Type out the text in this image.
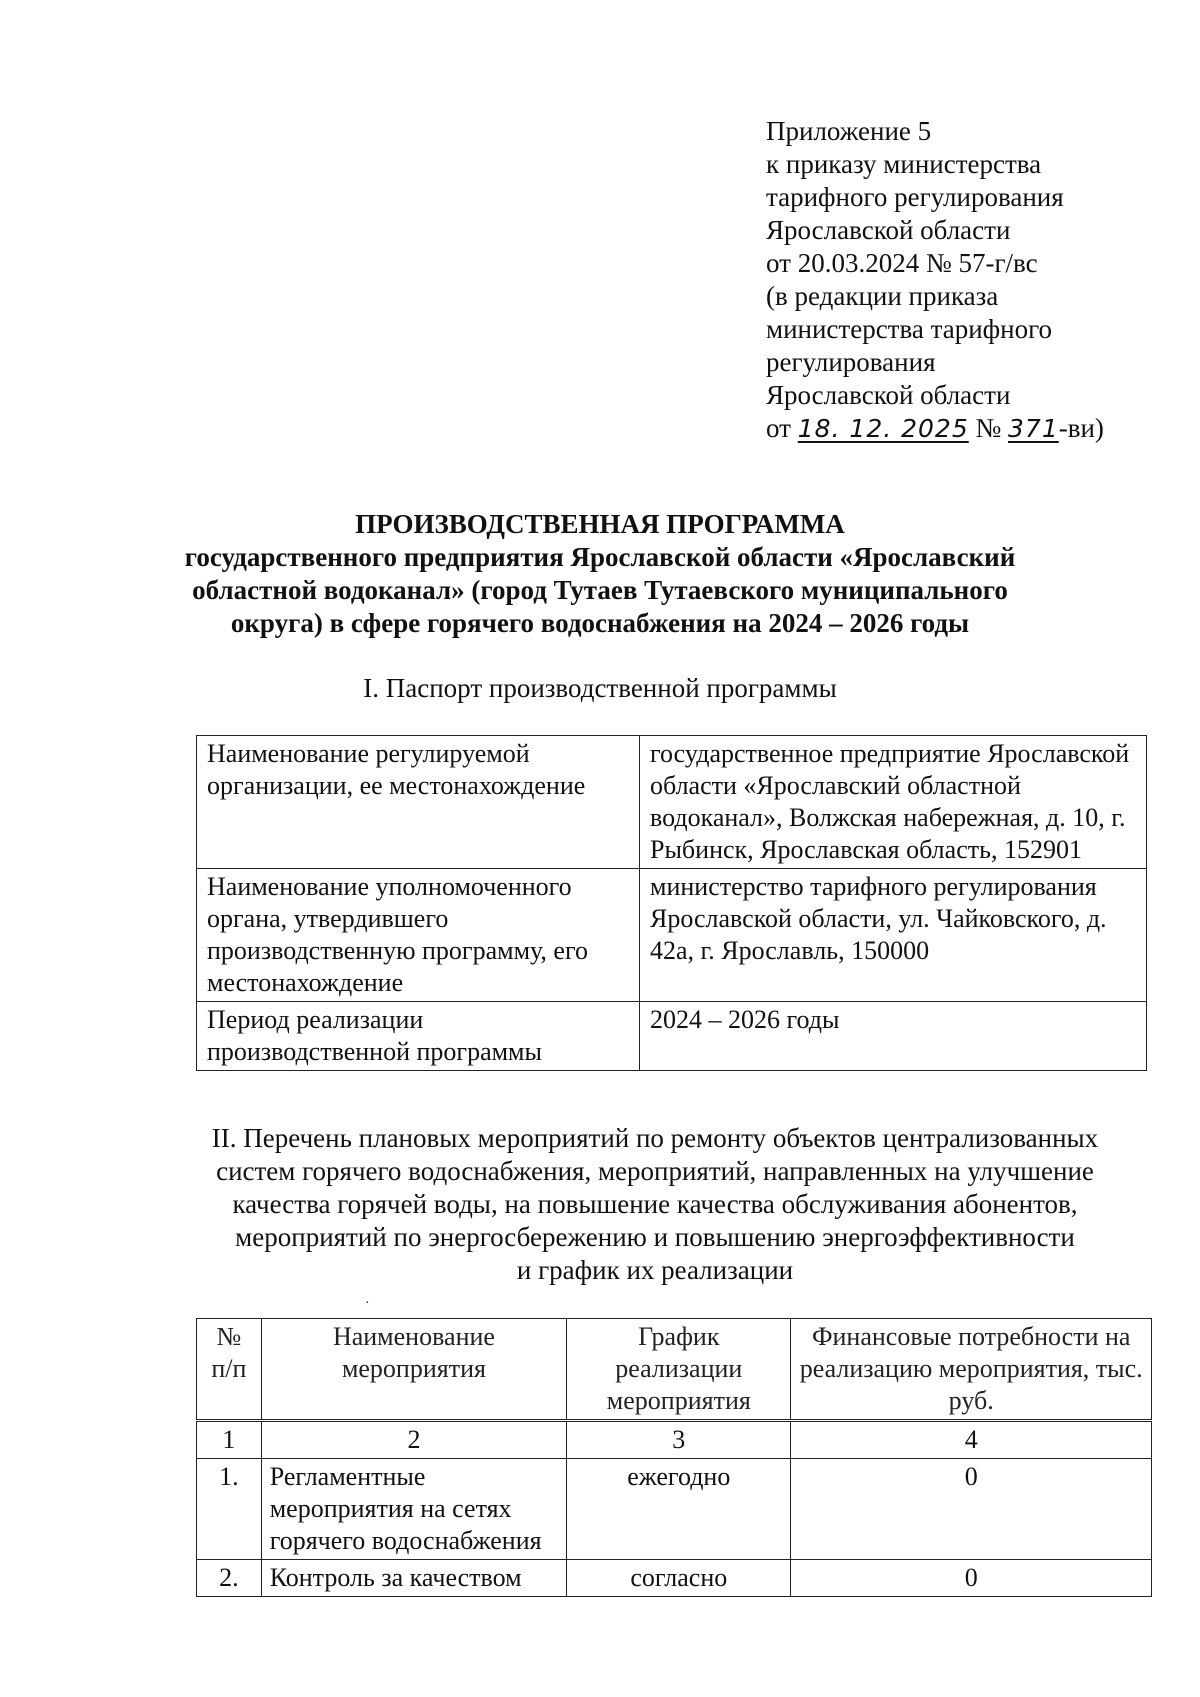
Приложение 5
к приказу министерства
тарифного регулирования
Ярославской области
от 20.03.2024 № 57-г/вс
(в редакции приказа
министерства тарифного
регулирования
Ярославской области
от 18. 12. 2025 № 371-ви)
ПРОИЗВОДСТВЕННАЯ ПРОГРАММА
государственного предприятия Ярославской области «Ярославский
областной водоканал» (город Тутаев Тутаевского муниципального
округа) в сфере горячего водоснабжения на 2024 – 2026 годы
I. Паспорт производственной программы
Наименование регулируемой организации, ее местонахождение	государственное предприятие Ярославской области «Ярославский областной водоканал», Волжская набережная, д. 10, г. Рыбинск, Ярославская область, 152901
Наименование уполномоченного органа, утвердившего производственную программу, его местонахождение	министерство тарифного регулирования Ярославской области, ул. Чайковского, д. 42а, г. Ярославль, 150000
Период реализации производственной программы	2024 – 2026 годы
II. Перечень плановых мероприятий по ремонту объектов централизованных
систем горячего водоснабжения, мероприятий, направленных на улучшение
качества горячей воды, на повышение качества обслуживания абонентов,
мероприятий по энергосбережению и повышению энергоэффективности
и график их реализации
·
№ п/п	Наименование мероприятия	График реализации мероприятия	Финансовые потребности на реализацию мероприятия, тыс. руб.
1	2	3	4
1.	Регламентные мероприятия на сетях горячего водоснабжения	ежегодно	0
2.	Контроль за качеством	согласно	0
